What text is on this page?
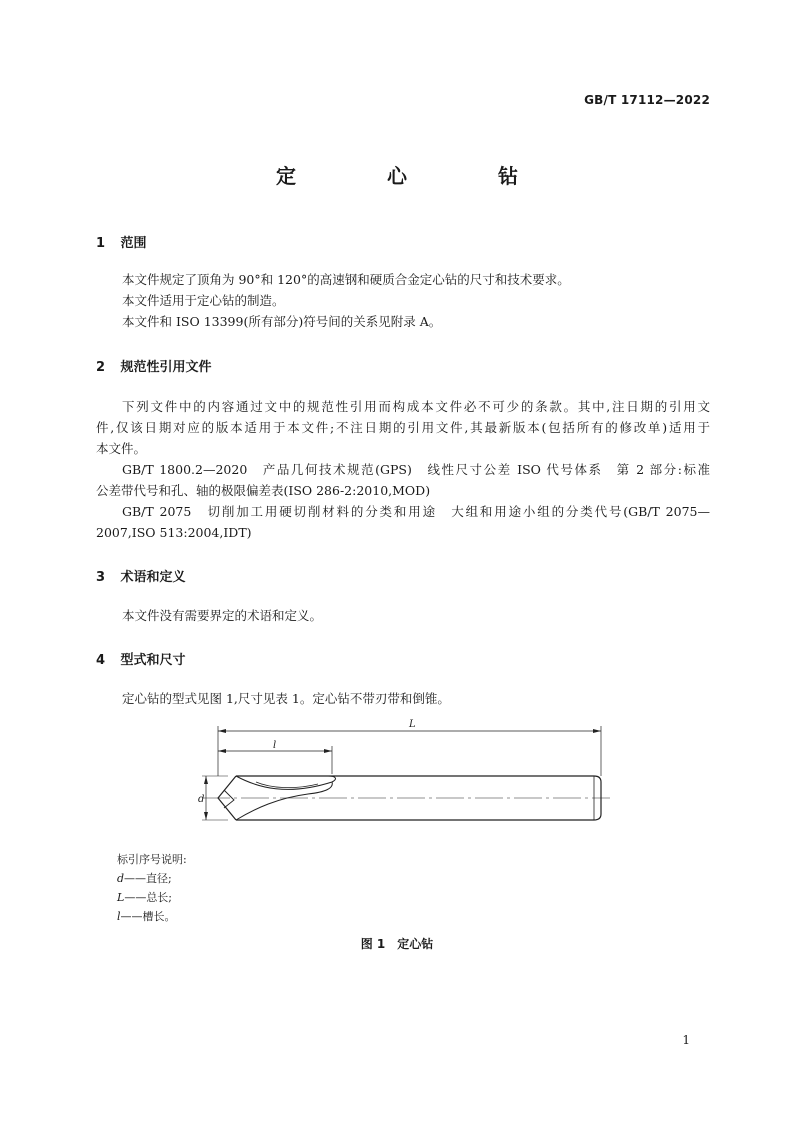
GB/T 17112—2022
定 心 钻
1 范围
本文件规定了顶角为 90°和 120°的高速钢和硬质合金定心钻的尺寸和技术要求。
本文件适用于定心钻的制造。
本文件和 ISO 13399(所有部分)符号间的关系见附录 A。
2 规范性引用文件
下列文件中的内容通过文中的规范性引用而构成本文件必不可少的条款。其中,注日期的引用文
件,仅该日期对应的版本适用于本文件;不注日期的引用文件,其最新版本(包括所有的修改单)适用于
本文件。
GB/T 1800.2—2020　产品几何技术规范(GPS)　线性尺寸公差 ISO 代号体系　第 2 部分:标准
公差带代号和孔、轴的极限偏差表(ISO 286-2:2010,MOD)
GB/T 2075　切削加工用硬切削材料的分类和用途　大组和用途小组的分类代号(GB/T 2075—
2007,ISO 513:2004,IDT)
3 术语和定义
本文件没有需要界定的术语和定义。
4 型式和尺寸
定心钻的型式见图 1,尺寸见表 1。定心钻不带刃带和倒锥。
L
l
d
标引序号说明:
d——直径;
L——总长;
l——槽长。
图 1　定心钻
1
